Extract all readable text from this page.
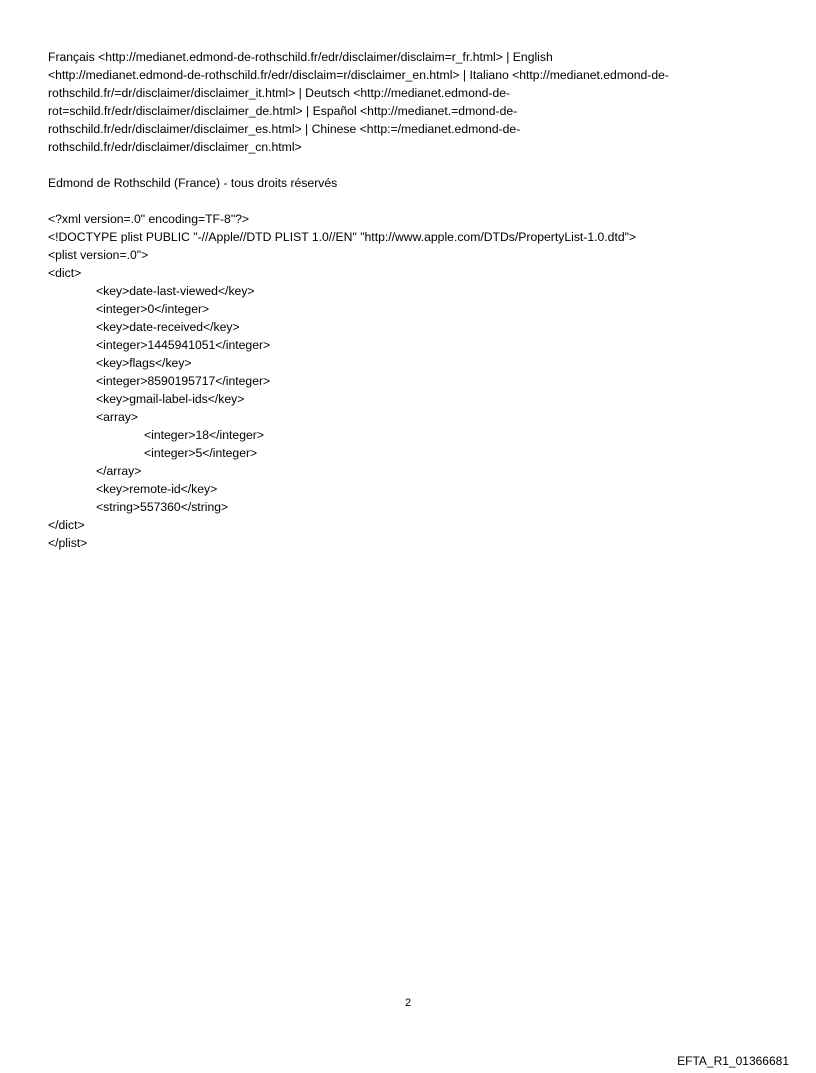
Français <http://medianet.edmond-de-rothschild.fr/edr/disclaimer/disclaim=r_fr.html> | English
<http://medianet.edmond-de-rothschild.fr/edr/disclaim=r/disclaimer_en.html> | Italiano <http://medianet.edmond-de-
rothschild.fr/=dr/disclaimer/disclaimer_it.html> | Deutsch <http://medianet.edmond-de-
rot=schild.fr/edr/disclaimer/disclaimer_de.html> | Español <http://medianet.=dmond-de-
rothschild.fr/edr/disclaimer/disclaimer_es.html> | Chinese <http:=/medianet.edmond-de-
rothschild.fr/edr/disclaimer/disclaimer_cn.html>
Edmond de Rothschild (France) - tous droits réservés
<?xml version=.0" encoding=TF-8"?>
<!DOCTYPE plist PUBLIC "-//Apple//DTD PLIST 1.0//EN" "http://www.apple.com/DTDs/PropertyList-1.0.dtd">
<plist version=.0">
<dict>
<key>date-last-viewed</key>
<integer>0</integer>
<key>date-received</key>
<integer>1445941051</integer>
<key>flags</key>
<integer>8590195717</integer>
<key>gmail-label-ids</key>
<array>
<integer>18</integer>
<integer>5</integer>
</array>
<key>remote-id</key>
<string>557360</string>
</dict>
</plist>
2
EFTA_R1_01366681
